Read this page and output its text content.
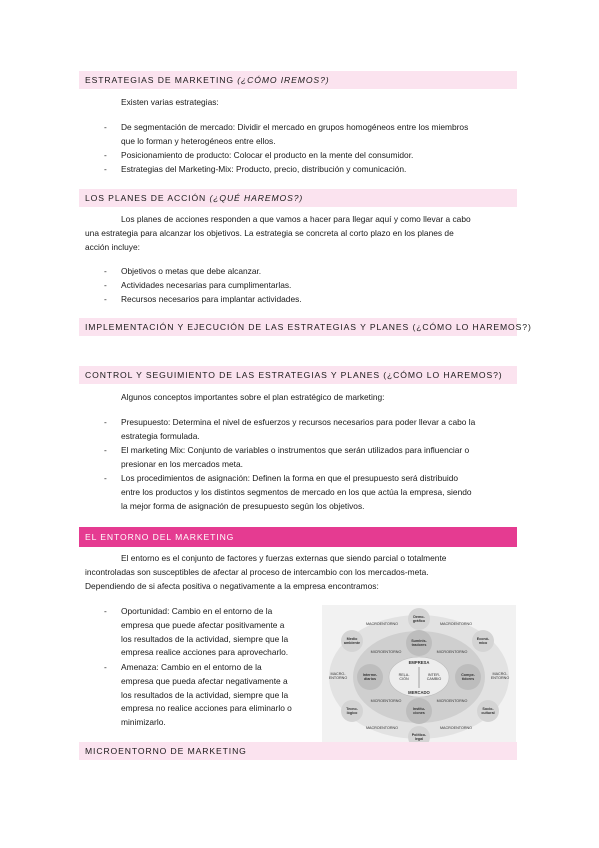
ESTRATEGIAS DE MARKETING (¿CÓMO IREMOS?)
Existen varias estrategias:
- De segmentación de mercado: Dividir el mercado en grupos homogéneos entre los miembros
que lo forman y heterogéneos entre ellos.
- Posicionamiento de producto: Colocar el producto en la mente del consumidor.
- Estrategias del Marketing-Mix: Producto, precio, distribución y comunicación.
LOS PLANES DE ACCIÓN (¿QUÉ HAREMOS?)
Los planes de acciones responden a que vamos a hacer para llegar aquí y como llevar a cabo
una estrategia para alcanzar los objetivos. La estrategia se concreta al corto plazo en los planes de
acción incluye:
- Objetivos o metas que debe alcanzar.
- Actividades necesarias para cumplimentarlas.
- Recursos necesarios para implantar actividades.
IMPLEMENTACIÓN Y EJECUCIÓN DE LAS ESTRATEGIAS Y PLANES (¿CÓMO LO HAREMOS?)
CONTROL Y SEGUIMIENTO DE LAS ESTRATEGIAS Y PLANES (¿CÓMO LO HAREMOS?)
Algunos conceptos importantes sobre el plan estratégico de marketing:
- Presupuesto: Determina el nivel de esfuerzos y recursos necesarios para poder llevar a cabo la
estrategia formulada.
- El marketing Mix: Conjunto de variables o instrumentos que serán utilizados para influenciar o
presionar en los mercados meta.
- Los procedimientos de asignación: Definen la forma en que el presupuesto será distribuido
entre los productos y los distintos segmentos de mercado en los que actúa la empresa, siendo
la mejor forma de asignación de presupuesto según los objetivos.
EL ENTORNO DEL MARKETING
El entorno es el conjunto de factores y fuerzas externas que siendo parcial o totalmente
incontroladas son susceptibles de afectar al proceso de intercambio con los mercados-meta.
Dependiendo de si afecta positiva o negativamente a la empresa encontramos:
- Oportunidad: Cambio en el entorno de la
empresa que puede afectar positivamente a
los resultados de la actividad, siempre que la
empresa realice acciones para aprovecharlo.
- Amenaza: Cambio en el entorno de la
empresa que pueda afectar negativamente a
los resultados de la actividad, siempre que la
empresa no realice acciones para eliminarlo o
minimizarlo.
EMPRESA
MERCADO
Suminis-tradores
Compe-tidores
Institu-ciones
Interme-diarios
Demo-gráfico
Econó-mico
Socio-cultural
Político-legal
Tecno-lógico
Medio ambiente
MICROENTORNO	MICROENTORNO
MICROENTORNO	MICROENTORNO
MACROENTORNO	MACROENTORNO
MACRO-ENTORNO
MACRO-ENTORNO
MACROENTORNO	MACROENTORNO
RELA-CIÓN
INTER-CAMBIO
MICROENTORNO DE MARKETING
